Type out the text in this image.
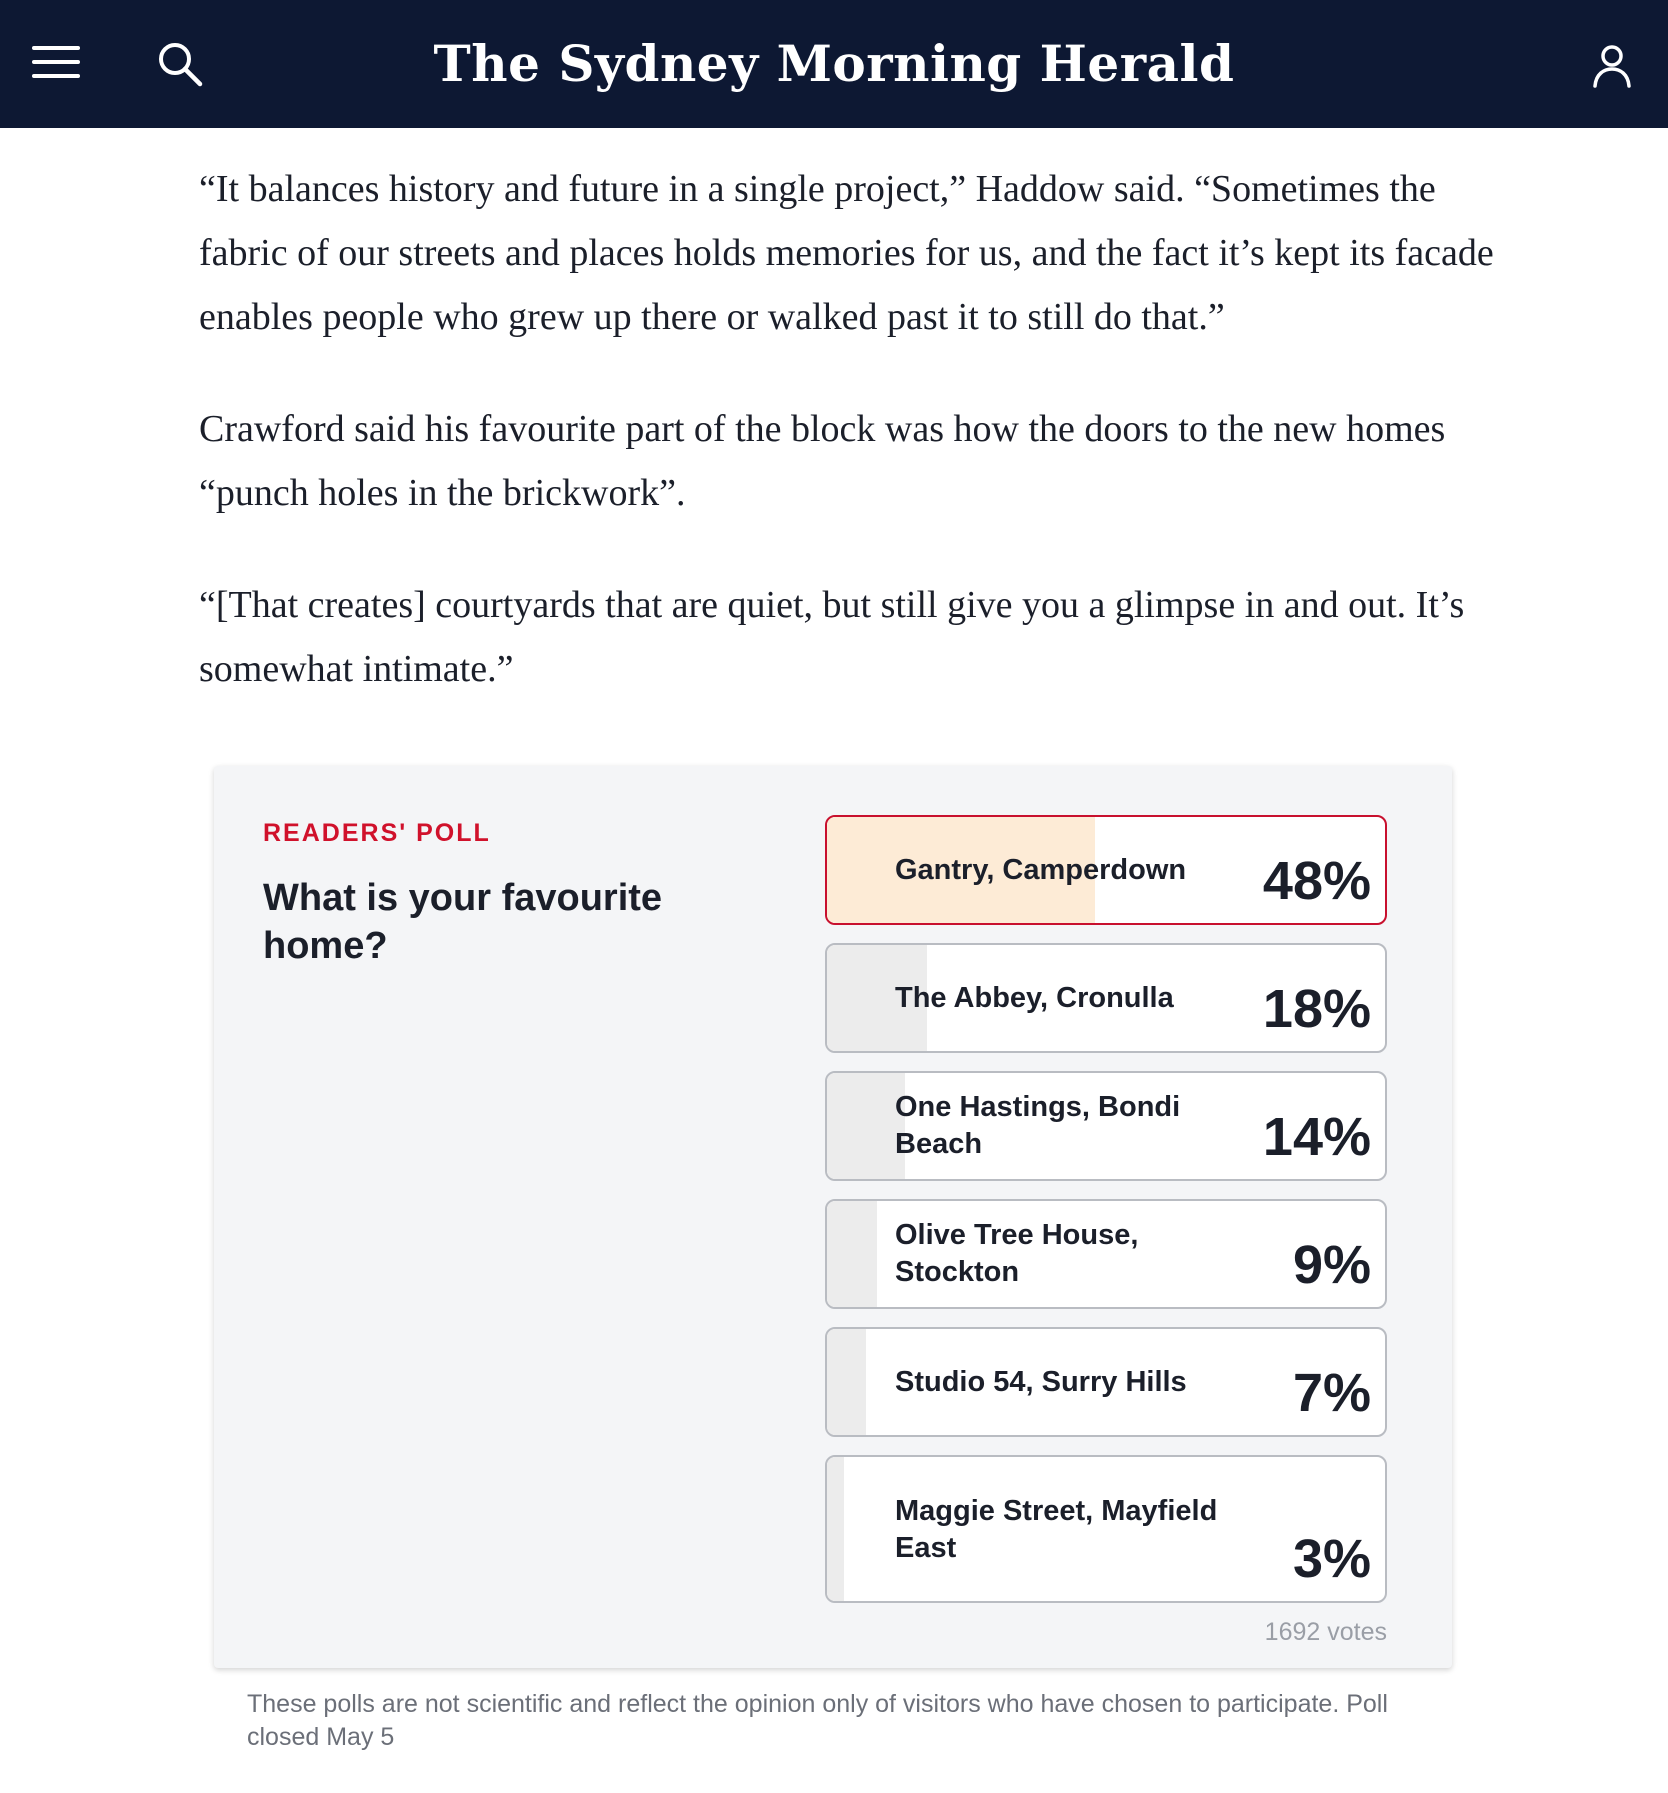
The Sydney Morning Herald

“It balances history and future in a single project,” Haddow said. “Sometimes the fabric of our streets and places holds memories for us, and the fact it’s kept its facade enables people who grew up there or walked past it to still do that.”

Crawford said his favourite part of the block was how the doors to the new homes “punch holes in the brickwork”.

“[That creates] courtyards that are quiet, but still give you a glimpse in and out. It’s somewhat intimate.”

READERS' POLL
What is your favourite home?
Gantry, Camperdown	48%
The Abbey, Cronulla	18%
One Hastings, Bondi Beach	14%
Olive Tree House, Stockton	9%
Studio 54, Surry Hills	7%
Maggie Street, Mayfield East	3%
1692 votes

These polls are not scientific and reflect the opinion only of visitors who have chosen to participate. Poll closed May 5
